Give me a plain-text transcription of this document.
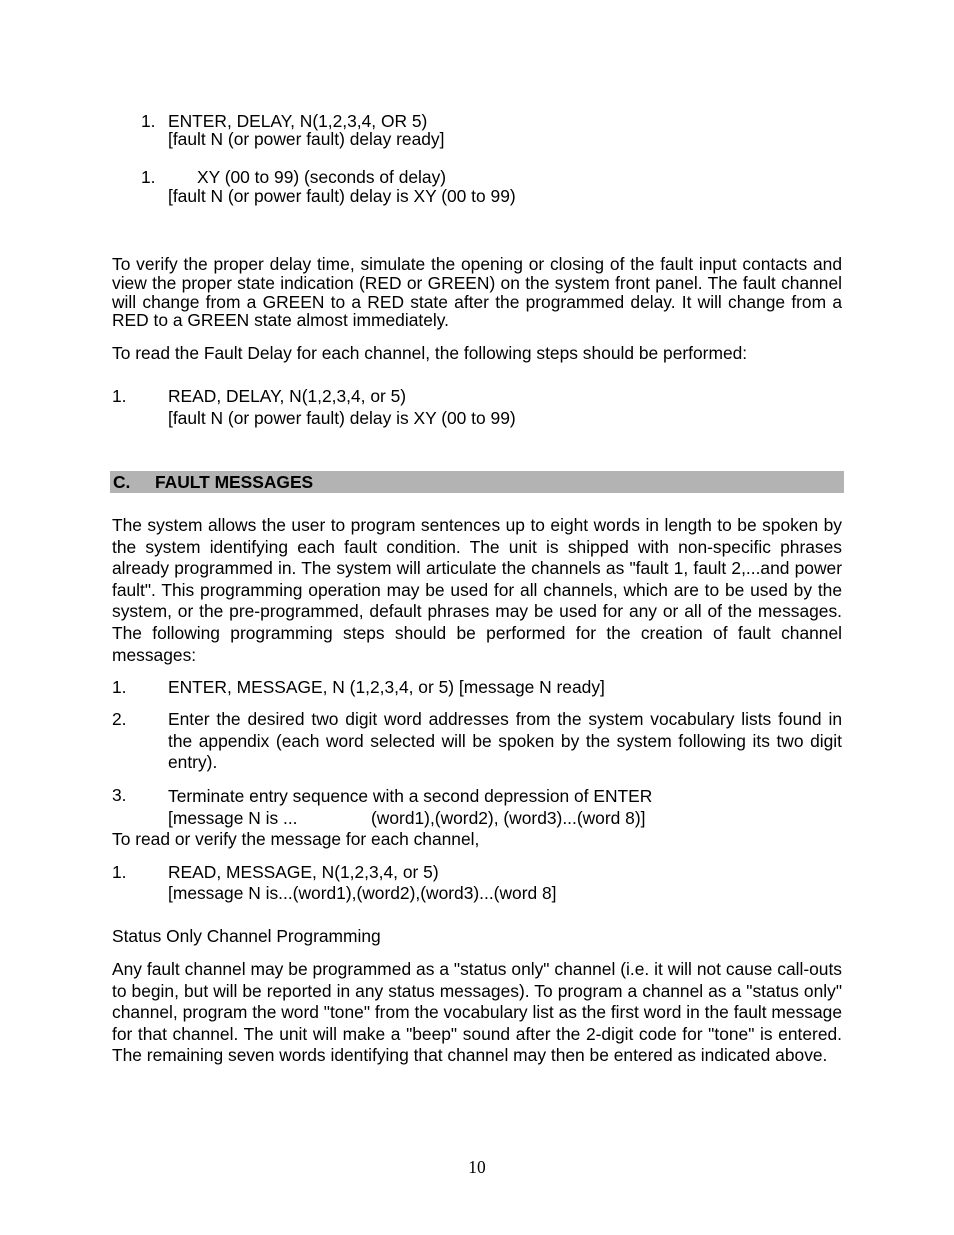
1. ENTER, DELAY, N(1,2,3,4, OR 5)
[fault N (or power fault) delay ready]
1. XY (00 to 99) (seconds of delay)
[fault N (or power fault) delay is XY (00 to 99)

To verify the proper delay time, simulate the opening or closing of the fault input contacts and view the proper state indication (RED or GREEN) on the system front panel. The fault channel will change from a GREEN to a RED state after the programmed delay. It will change from a RED to a GREEN state almost immediately.

To read the Fault Delay for each channel, the following steps should be performed:
1. READ, DELAY, N(1,2,3,4, or 5)
[fault N (or power fault) delay is XY (00 to 99)
C. FAULT MESSAGES

The system allows the user to program sentences up to eight words in length to be spoken by the system identifying each fault condition. The unit is shipped with non-specific phrases already programmed in. The system will articulate the channels as "fault 1, fault 2,...and power fault". This programming operation may be used for all channels, which are to be used by the system, or the pre-programmed, default phrases may be used for any or all of the messages. The following programming steps should be performed for the creation of fault channel messages:

1. ENTER, MESSAGE, N (1,2,3,4, or 5) [message N ready]
2. Enter the desired two digit word addresses from the system vocabulary lists found in the appendix (each word selected will be spoken by the system following its two digit entry).
3. Terminate entry sequence with a second depression of ENTER
[message N is ...	(word1),(word2), (word3)...(word 8)]
To read or verify the message for each channel,
1. READ, MESSAGE, N(1,2,3,4, or 5)
[message N is...(word1),(word2),(word3)...(word 8]
Status Only Channel Programming

Any fault channel may be programmed as a "status only" channel (i.e. it will not cause call-outs to begin, but will be reported in any status messages). To program a channel as a "status only" channel, program the word "tone" from the vocabulary list as the first word in the fault message for that channel. The unit will make a "beep" sound after the 2-digit code for "tone" is entered. The remaining seven words identifying that channel may then be entered as indicated above.

10
